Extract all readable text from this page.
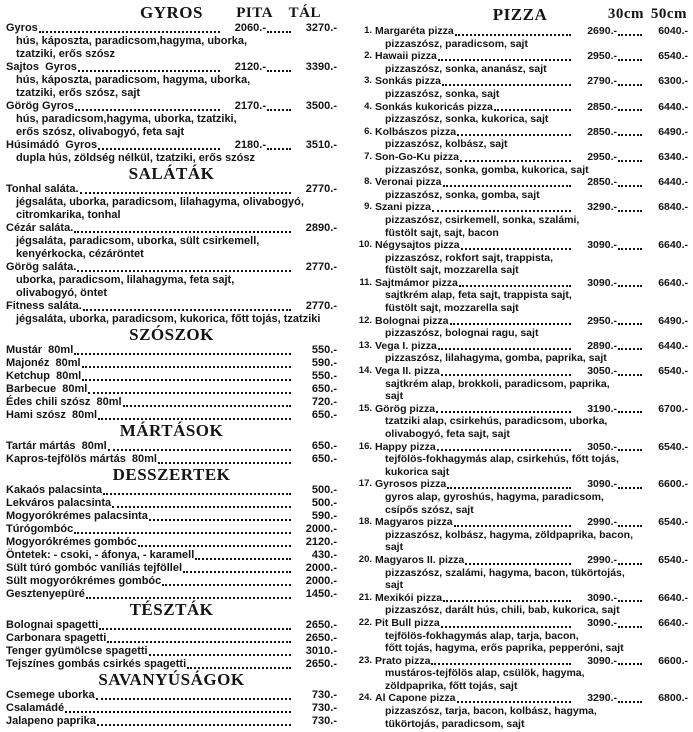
GYROS PITA TÁL
Gyros	2060.-	3270.-
hús, káposzta, paradicsom,hagyma, uborka,
tzatziki, erős szósz
Sajtos  Gyros	2120.-	3390.-
hús, káposzta, paradicsom, hagyma, uborka,
tzatziki, erős szósz, sajt
Görög Gyros	2170.-	3500.-
hús, paradicsom,hagyma, uborka, tzatziki,
erős szósz, olivabogyó, feta sajt
Húsimádó  Gyros	2180.-	3510.-
dupla hús, zöldség nélkül, tzatziki, erős szósz
SALÁTÁK
Tonhal saláta.	2770.-
jégsaláta, uborka, paradicsom, lilahagyma, olivabogyó,
citromkarika, tonhal
Cézár saláta.	2890.-
jégsaláta, paradicsom, uborka, sült csirkemell,
kenyérkocka, cézáröntet
Görög saláta.	2770.-
uborka, paradicsom, lilahagyma, feta sajt,
olivabogyó, öntet
Fitness saláta.	2770.-
jégsaláta, uborka, paradicsom, kukorica, főtt tojás, tzatziki
SZÓSZOK
Mustár  80ml	550.-
Majonéz  80ml	590.-
Ketchup  80ml	550.-
Barbecue  80ml	650.-
Édes chili szósz  80ml	720.-
Hami szósz  80ml	650.-
MÁRTÁSOK
Tartár mártás  80ml	650.-
Kapros-tejfölös mártás  80ml	650.-
DESSZERTEK
Kakaós palacsinta	500.-
Lekváros palacsinta	500.-
Mogyorókrémes palacsinta	590.-
Túrógombóc	2000.-
Mogyorókrémes gombóc	2120.-
Öntetek: - csoki, - áfonya, - karamell	430.-
Sült túró gombóc vaníliás tejföllel	2000.-
Sült mogyorókrémes gombóc	2000.-
Gesztenyepüré	1450.-
TÉSZTÁK
Bolognai spagetti	2650.-
Carbonara spagetti	2650.-
Tenger gyümölcse spagetti	3010.-
Tejszínes gombás csirkés spagetti	2650.-
SAVANYÚSÁGOK
Csemege uborka	730.-
Csalamádé	730.-
Jalapeno paprika	730.-
PIZZA	30cm 50cm
1. Margaréta pizza	2690.-	6040.-
pizzaszósz, paradicsom, sajt
2. Hawaii pizza	2950.-	6540.-
pizzaszósz, sonka, ananász, sajt
3. Sonkás pizza	2790.-	6300.-
pizzaszósz, sonka, sajt
4. Sonkás kukoricás pizza	2850.-	6440.-
pizzaszósz, sonka, kukorica, sajt
6. Kolbászos pizza	2850.-	6490.-
pizzaszósz, kolbász, sajt
7. Son-Go-Ku pizza	2950.-	6340.-
pizzaszósz, sonka, gomba, kukorica, sajt
8. Veronai pizza	2850.-	6440.-
pizzaszósz, sonka, gomba, sajt
9. Szani pizza	3290.-	6840.-
pizzaszósz, csirkemell, sonka, szalámi,
füstölt sajt, sajt, bacon
10. Négysajtos pizza	3090.-	6640.-
pizzaszósz, rokfort sajt, trappista,
füstölt sajt, mozzarella sajt
11. Sajtmámor pizza	3090.-	6640.-
sajtkrém alap, feta sajt, trappista sajt,
füstölt sajt, mozzarella sajt
12. Bolognai pizza	2950.-	6490.-
pizzaszósz, bolognai ragu, sajt
13. Vega I. pizza	2890.-	6440.-
pizzaszósz, lilahagyma, gomba, paprika, sajt
14. Vega II. pizza	3050.-	6540.-
sajtkrém alap, brokkoli, paradicsom, paprika,
sajt
15. Görög pizza	3190.-	6700.-
tzatziki alap, csirkehús, paradicsom, uborka,
olivabogyó, feta sajt, sajt
16. Happy pizza	3050.-	6540.-
tejfölös-fokhagymás alap, csirkehús, főtt tojás,
kukorica sajt
17. Gyrosos pizza	3090.-	6600.-
gyros alap, gyroshús, hagyma, paradicsom,
csípős szósz, sajt
18. Magyaros pizza	2990.-	6540.-
pizzaszósz, kolbász, hagyma, zöldpaprika, bacon,
sajt
20. Magyaros II. pizza	2990.-	6540.-
pizzaszósz, szalámi, hagyma, bacon, tükörtojás,
sajt
21. Mexikói pizza	3090.-	6640.-
pizzaszósz, darált hús, chili, bab, kukorica, sajt
22. Pit Bull pizza	3090.-	6640.-
tejfölös-fokhagymás alap, tarja, bacon,
főtt tojás, hagyma, erős paprika, pepperóni, sajt
23. Prato pizza	3090.-	6600.-
mustáros-tejfölös alap, csülök, hagyma,
zöldpaprika, főtt tojás, sajt
24. Al Capone pizza	3290.-	6800.-
pizzaszósz, tarja, bacon, kolbász, hagyma,
tükörtojás, paradicsom, sajt
